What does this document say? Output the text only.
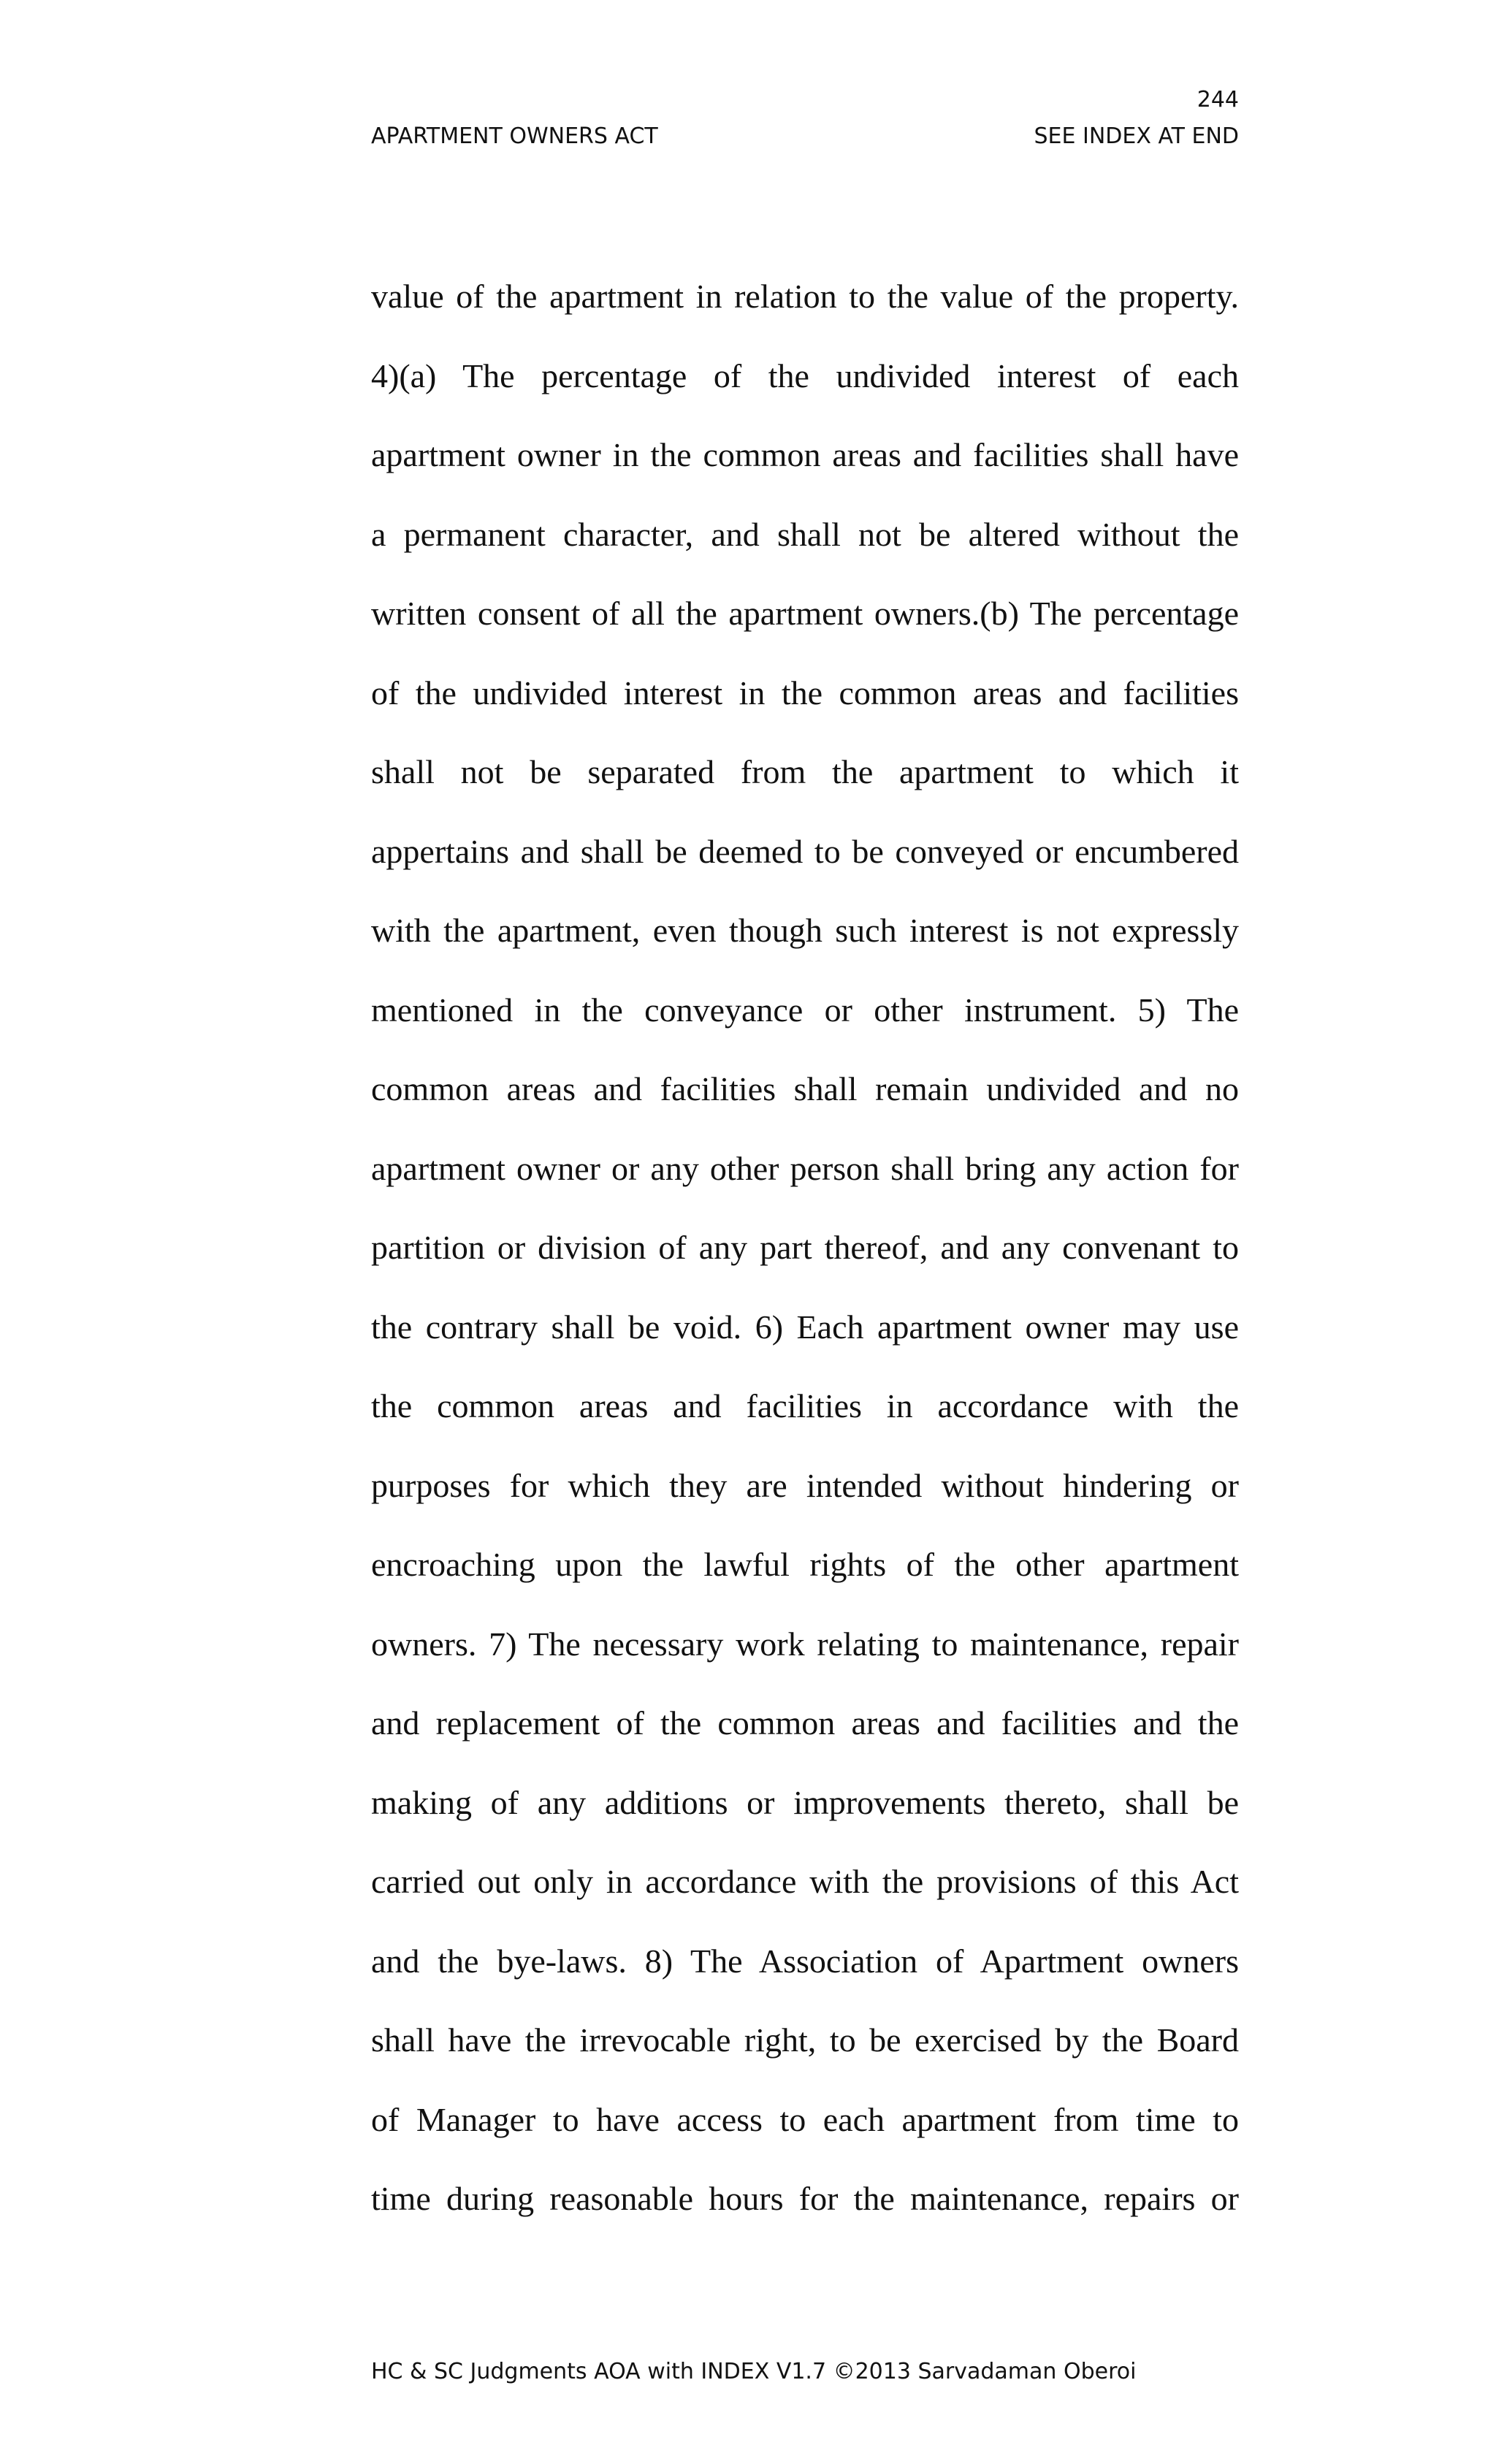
244
APARTMENT OWNERS ACT	SEE INDEX AT END
value of the apartment in relation to the value of the property.
4)(a) The percentage of the undivided interest of each
apartment owner in the common areas and facilities shall have
a permanent character, and shall not be altered without the
written consent of all the apartment owners.(b) The percentage
of the undivided interest in the common areas and facilities
shall not be separated from the apartment to which it
appertains and shall be deemed to be conveyed or encumbered
with the apartment, even though such interest is not expressly
mentioned in the conveyance or other instrument. 5) The
common areas and facilities shall remain undivided and no
apartment owner or any other person shall bring any action for
partition or division of any part thereof, and any convenant to
the contrary shall be void. 6) Each apartment owner may use
the common areas and facilities in accordance with the
purposes for which they are intended without hindering or
encroaching upon the lawful rights of the other apartment
owners. 7) The necessary work relating to maintenance, repair
and replacement of the common areas and facilities and the
making of any additions or improvements thereto, shall be
carried out only in accordance with the provisions of this Act
and the bye-laws. 8) The Association of Apartment owners
shall have the irrevocable right, to be exercised by the Board
of Manager to have access to each apartment from time to
time during reasonable hours for the maintenance, repairs or
HC & SC Judgments AOA with INDEX V1.7 ©2013 Sarvadaman Oberoi
